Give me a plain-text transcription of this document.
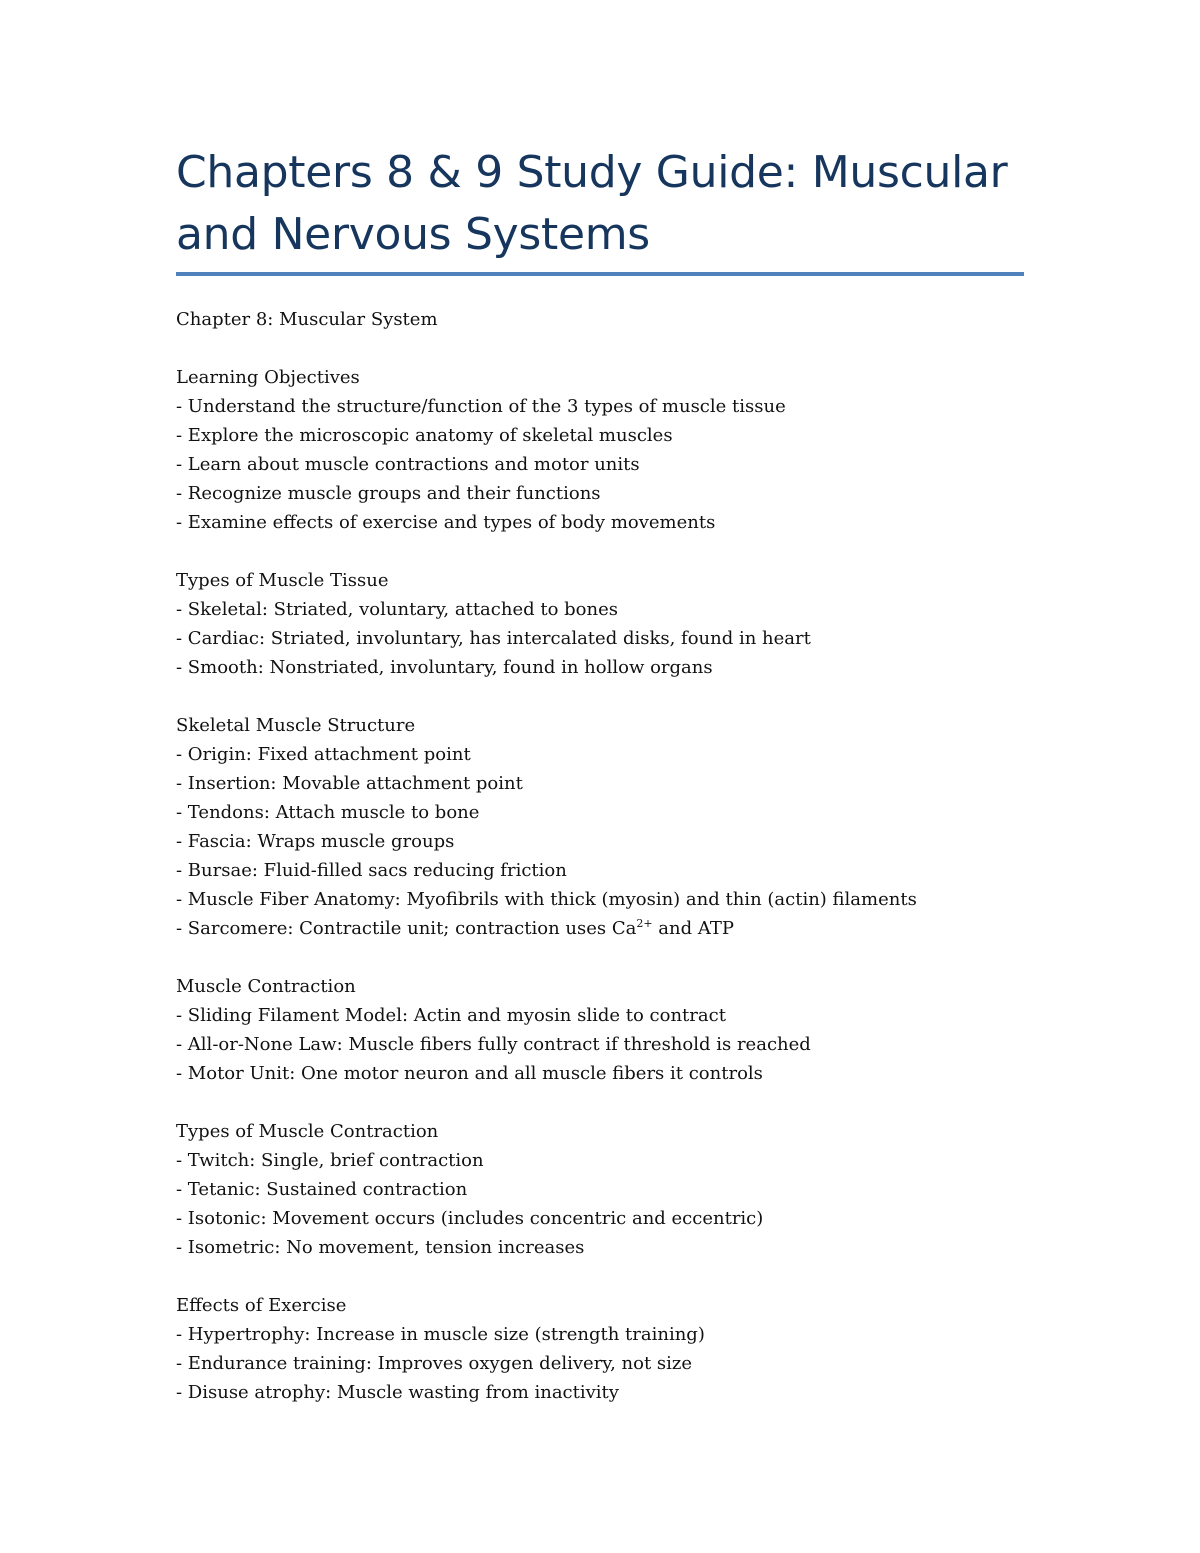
Chapters 8 & 9 Study Guide: Muscular and Nervous Systems

Chapter 8: Muscular System

Learning Objectives

- Understand the structure/function of the 3 types of muscle tissue

- Explore the microscopic anatomy of skeletal muscles

- Learn about muscle contractions and motor units

- Recognize muscle groups and their functions

- Examine effects of exercise and types of body movements

Types of Muscle Tissue

- Skeletal: Striated, voluntary, attached to bones

- Cardiac: Striated, involuntary, has intercalated disks, found in heart

- Smooth: Nonstriated, involuntary, found in hollow organs

Skeletal Muscle Structure

- Origin: Fixed attachment point

- Insertion: Movable attachment point

- Tendons: Attach muscle to bone

- Fascia: Wraps muscle groups

- Bursae: Fluid-filled sacs reducing friction

- Muscle Fiber Anatomy: Myofibrils with thick (myosin) and thin (actin) filaments

- Sarcomere: Contractile unit; contraction uses $Ca^{2+}$ and ATP

Muscle Contraction

- Sliding Filament Model: Actin and myosin slide to contract

- All-or-None Law: Muscle fibers fully contract if threshold is reached

- Motor Unit: One motor neuron and all muscle fibers it controls

Types of Muscle Contraction

- Twitch: Single, brief contraction

- Tetanic: Sustained contraction

- Isotonic: Movement occurs (includes concentric and eccentric)

- Isometric: No movement, tension increases

Effects of Exercise

- Hypertrophy: Increase in muscle size (strength training)

- Endurance training: Improves oxygen delivery, not size

- Disuse atrophy: Muscle wasting from inactivity
